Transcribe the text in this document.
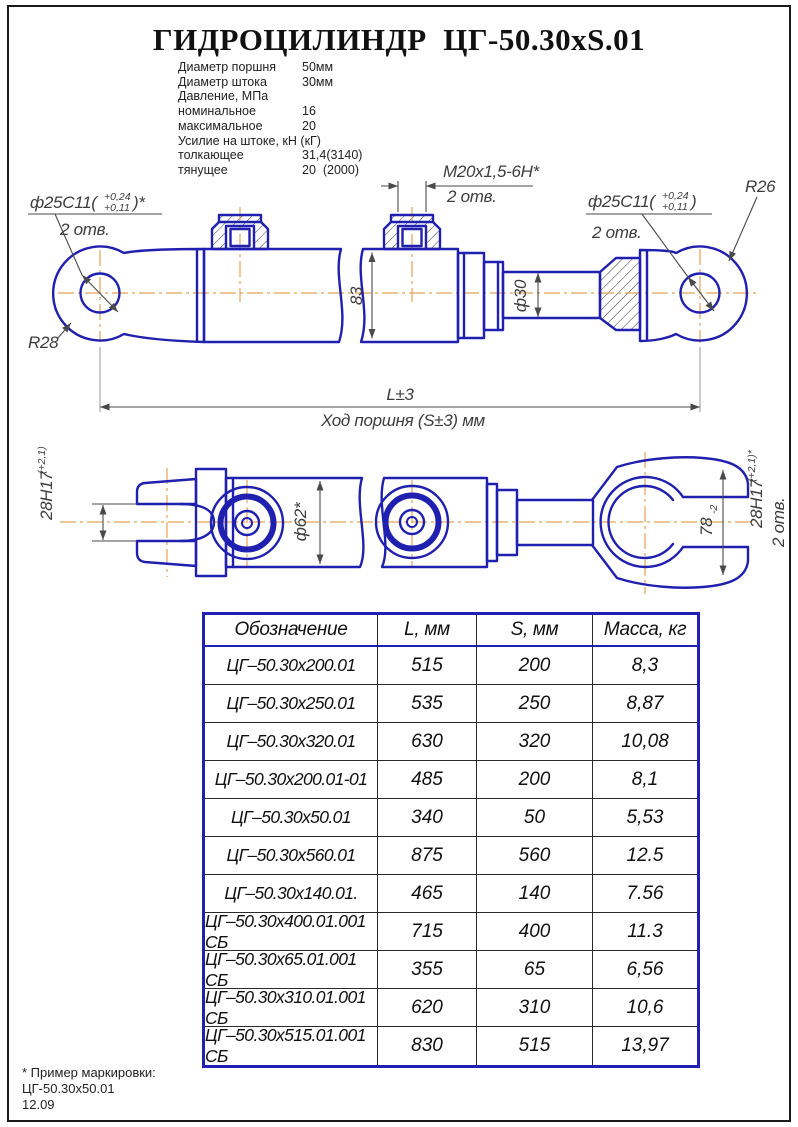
ГИДРОЦИЛИНДР  ЦГ-50.30xS.01
Диаметр поршня	50мм
Диаметр штока	30мм
Давление, МПа
номинальное	16
максимальное	20
Усилие на штоке, кН (кГ)
толкающее	31,4(3140)
тянущее	20  (2000)
ф25С11( +0,24
+0,11 )*
2 отв.
M20x1,5-6H*
2 отв.	ф25С11( +0,24
+0,11 )
2 отв.
R26
R28
83	ф30
L±3
Ход поршня (S±3) мм
28H17
(+2,1)
ф62*	78
-2 28H17
(+2,1)*
2 отв.
Обозначение	L, мм	S, мм	Масса, кг
ЦГ–50.30х200.01	515	200	8,3
ЦГ–50.30х250.01	535	250	8,87
ЦГ–50.30х320.01	630	320	10,08
ЦГ–50.30х200.01-01	485	200	8,1
ЦГ–50.30х50.01	340	50	5,53
ЦГ–50.30х560.01	875	560	12.5
ЦГ–50.30х140.01.	465	140	7.56
ЦГ–50.30х400.01.001 СБ	715	400	11.3
ЦГ–50.30х65.01.001 СБ	355	65	6,56
ЦГ–50.30х310.01.001 СБ	620	310	10,6
ЦГ–50.30х515.01.001 СБ	830	515	13,97
* Пример маркировки:
ЦГ-50.30х50.01
12.09
